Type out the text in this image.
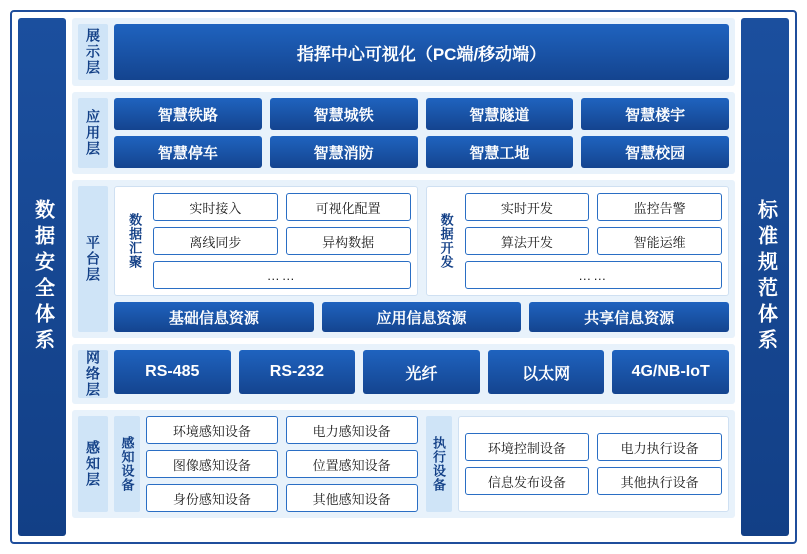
数据安全体系
展示层	指挥中心可视化（PC端/移动端）
应用层	智慧铁路	智慧城铁	智慧隧道	智慧楼宇
智慧停车	智慧消防	智慧工地	智慧校园
平台层 数据汇聚
实时接入	可视化配置
离线同步	异构数据
……
数据开发
实时开发	监控告警
算法开发	智能运维
……
基础信息资源	应用信息资源	共享信息资源
网络层	RS-485	RS-232	光纤	以太网	4G/NB-IoT
感知层 感知设备
环境感知设备	电力感知设备
图像感知设备	位置感知设备
身份感知设备	其他感知设备
执行设备	环境控制设备	电力执行设备
信息发布设备	其他执行设备
标准规范体系
